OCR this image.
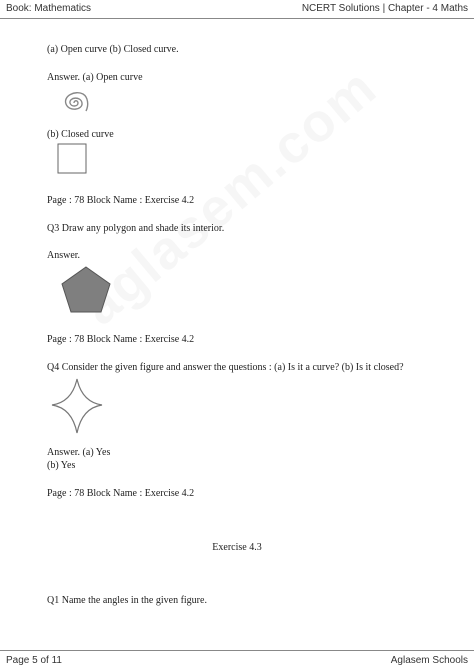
Book: Mathematics	NCERT Solutions | Chapter - 4 Maths
(a) Open curve (b) Closed curve.
Answer. (a) Open curve
(b) Closed curve
Page : 78 Block Name : Exercise 4.2
Q3 Draw any polygon and shade its interior.
Answer.
Page : 78 Block Name : Exercise 4.2
Q4 Consider the given figure and answer the questions : (a) Is it a curve? (b) Is it closed?
Answer. (a) Yes
(b) Yes
Page : 78 Block Name : Exercise 4.2
Exercise 4.3
Q1 Name the angles in the given figure.
Page 5 of 11	Aglasem Schools
